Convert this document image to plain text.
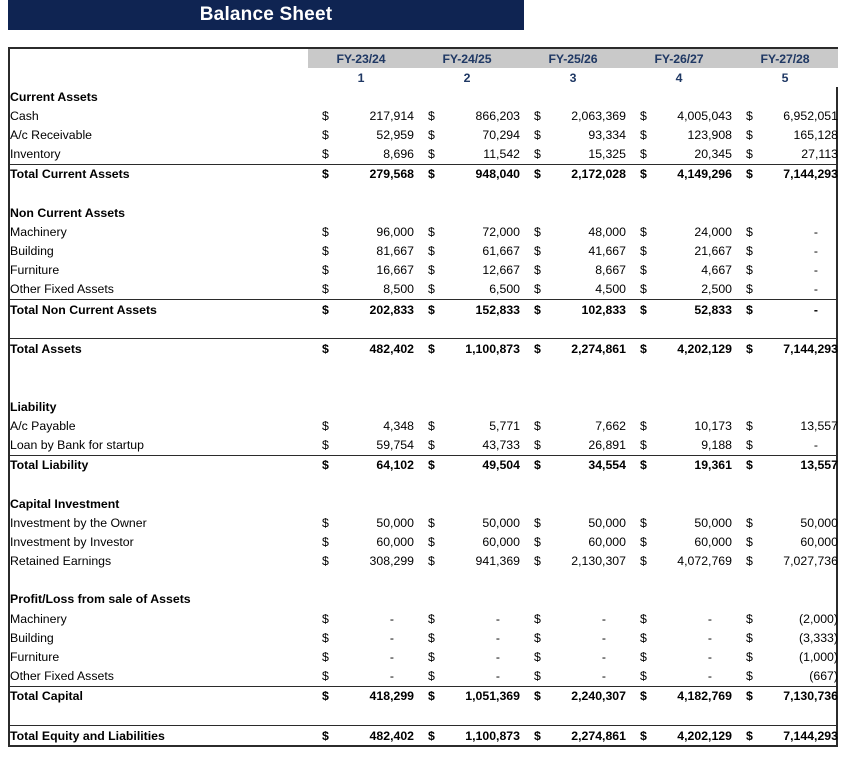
Balance Sheet
	FY-23/24	FY-24/25	FY-25/26	FY-26/27	FY-27/28
	1	2	3	4	5
Current Assets					
Cash	$ 217,914	$ 866,203	$ 2,063,369	$ 4,005,043	$ 6,952,051
A/c Receivable	$ 52,959	$ 70,294	$ 93,334	$ 123,908	$ 165,128
Inventory	$ 8,696	$ 11,542	$ 15,325	$ 20,345	$ 27,113
Total Current Assets	$ 279,568	$ 948,040	$ 2,172,028	$ 4,149,296	$ 7,144,293

Non Current Assets					
Machinery	$ 96,000	$ 72,000	$ 48,000	$ 24,000	$ -
Building	$ 81,667	$ 61,667	$ 41,667	$ 21,667	$ -
Furniture	$ 16,667	$ 12,667	$ 8,667	$ 4,667	$ -
Other Fixed Assets	$ 8,500	$ 6,500	$ 4,500	$ 2,500	$ -
Total Non Current Assets	$ 202,833	$ 152,833	$ 102,833	$ 52,833	$ -

Total Assets	$ 482,402	$ 1,100,873	$ 2,274,861	$ 4,202,129	$ 7,144,293

Liability					
A/c Payable	$ 4,348	$ 5,771	$ 7,662	$ 10,173	$ 13,557
Loan by Bank for startup	$ 59,754	$ 43,733	$ 26,891	$ 9,188	$ -
Total Liability	$ 64,102	$ 49,504	$ 34,554	$ 19,361	$ 13,557

Capital Investment					
Investment by the Owner	$ 50,000	$ 50,000	$ 50,000	$ 50,000	$ 50,000
Investment by Investor	$ 60,000	$ 60,000	$ 60,000	$ 60,000	$ 60,000
Retained Earnings	$ 308,299	$ 941,369	$ 2,130,307	$ 4,072,769	$ 7,027,736

Profit/Loss from sale of Assets					
Machinery	$ -	$ -	$ -	$ -	$ (2,000)
Building	$ -	$ -	$ -	$ -	$ (3,333)
Furniture	$ -	$ -	$ -	$ -	$ (1,000)
Other Fixed Assets	$ -	$ -	$ -	$ -	$ (667)
Total Capital	$ 418,299	$ 1,051,369	$ 2,240,307	$ 4,182,769	$ 7,130,736

Total Equity and Liabilities	$ 482,402	$ 1,100,873	$ 2,274,861	$ 4,202,129	$ 7,144,293
